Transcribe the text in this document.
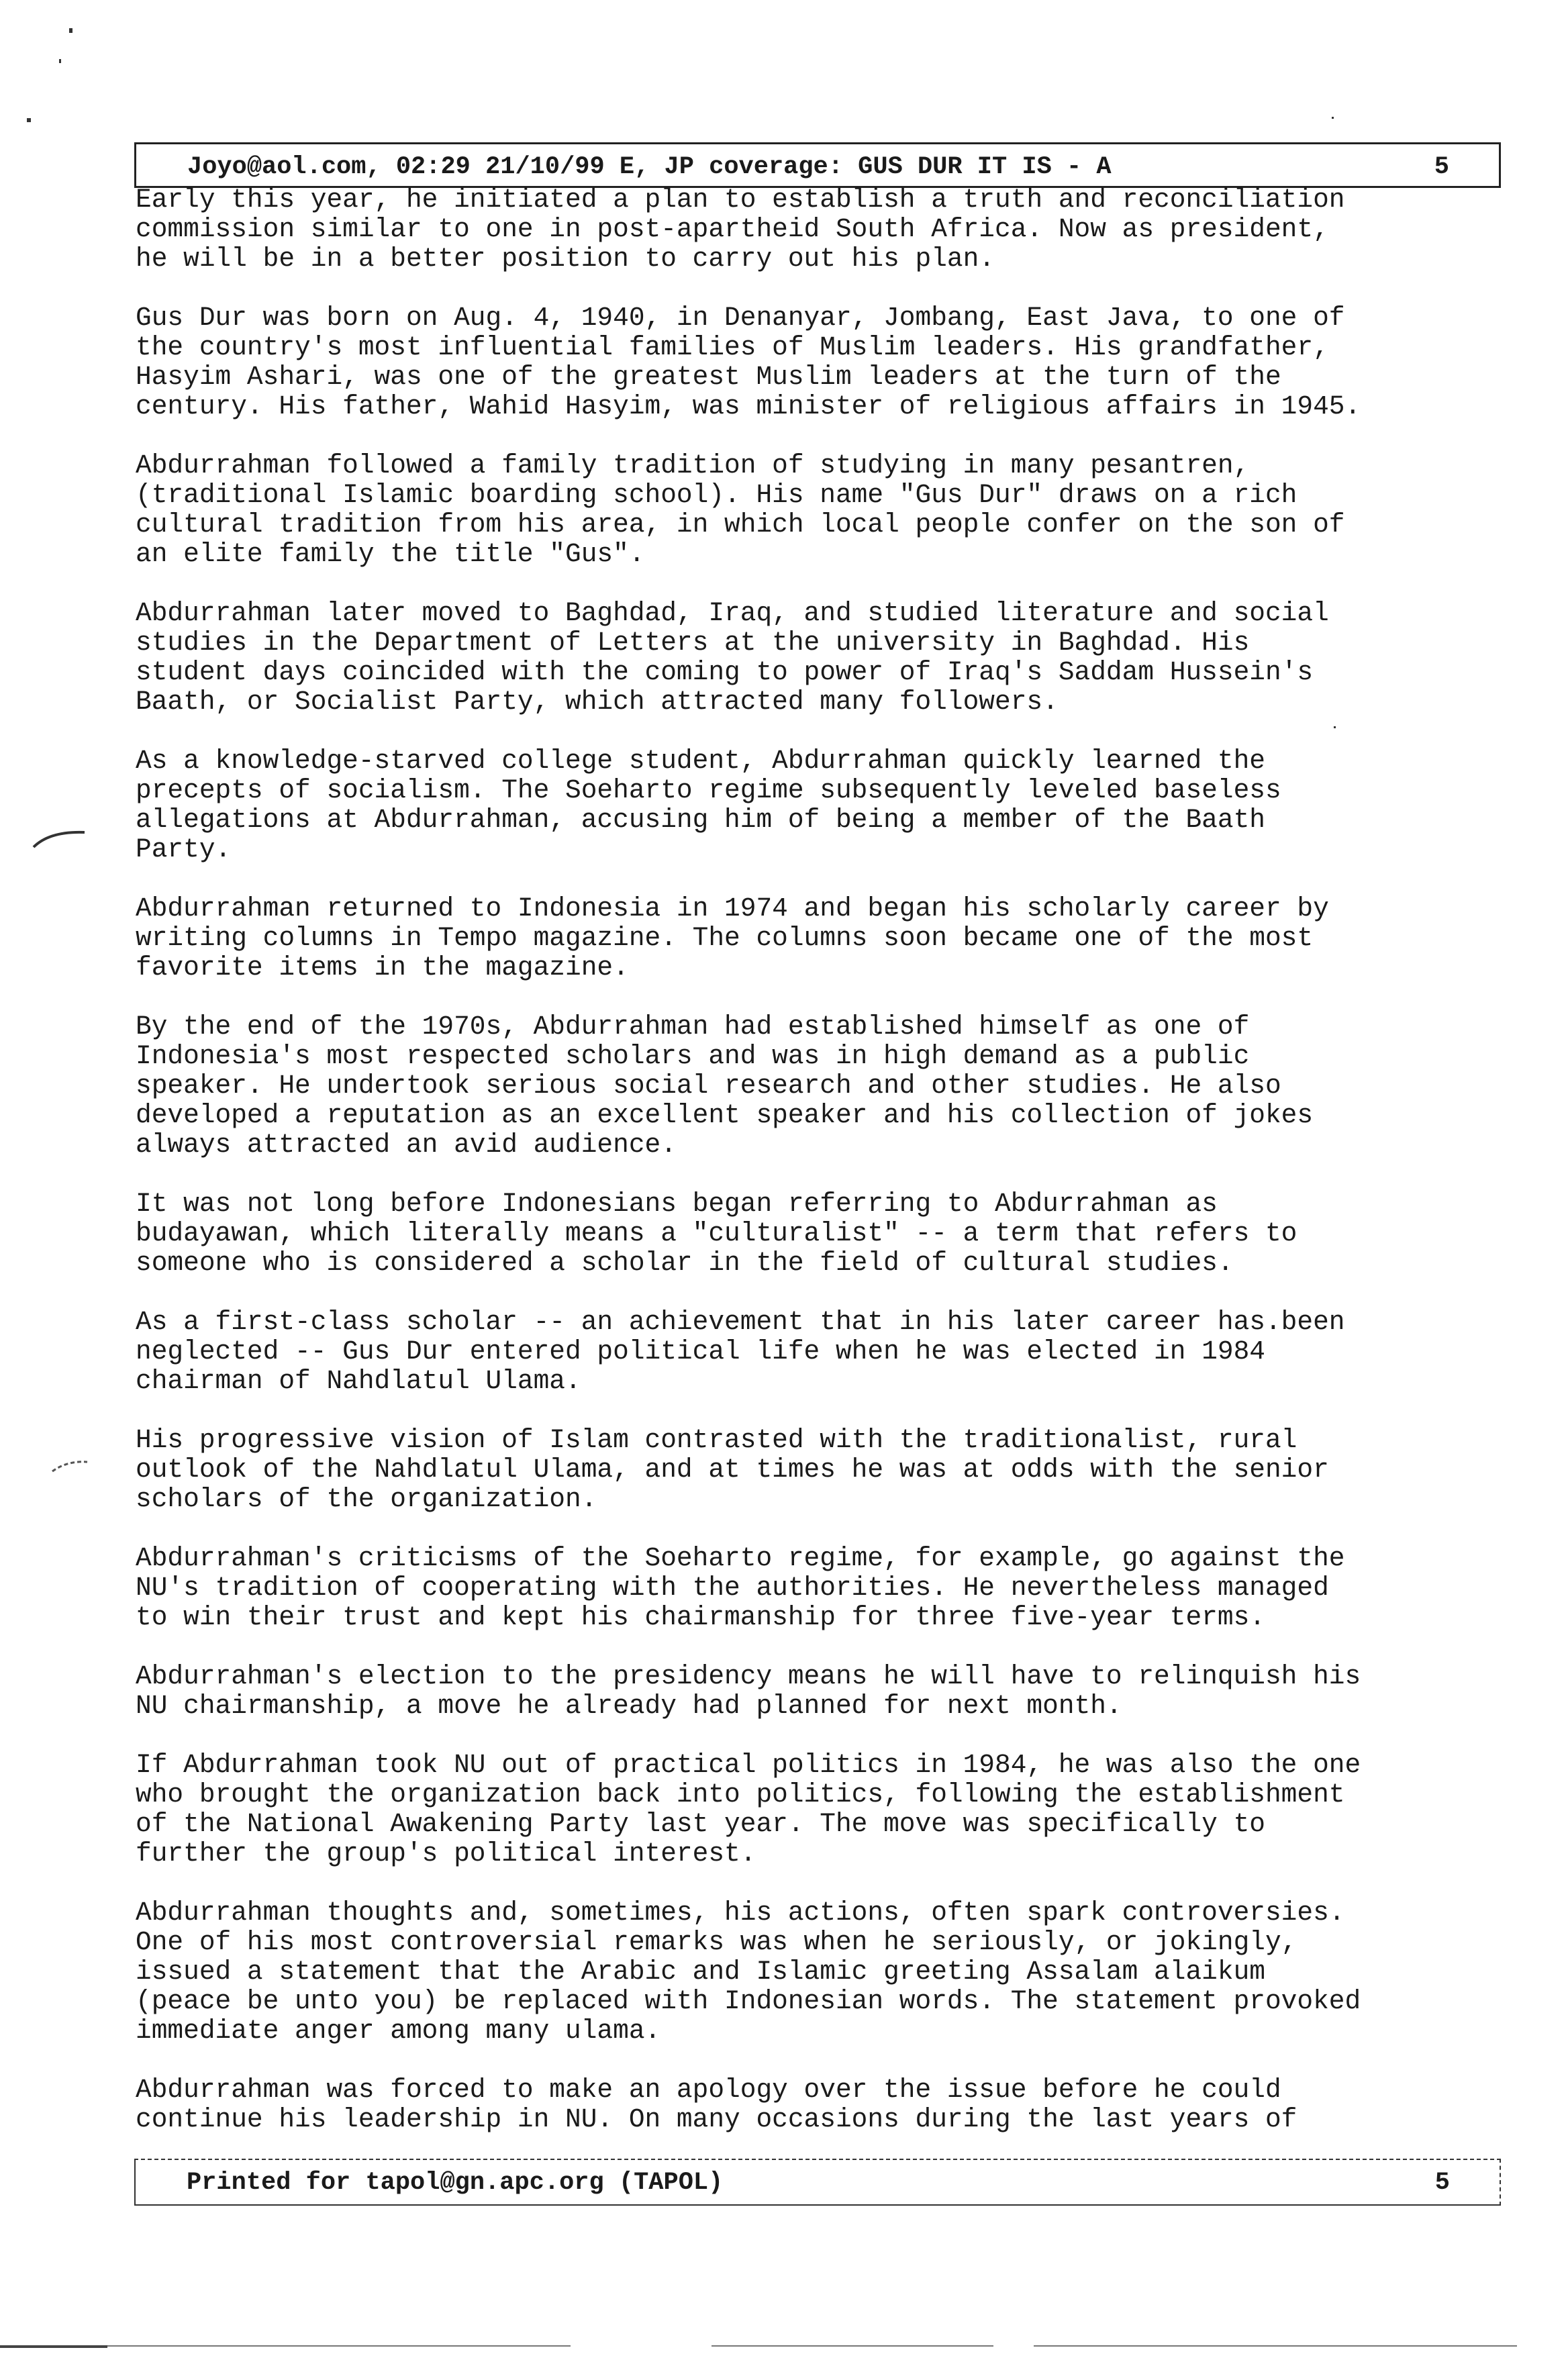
Joyo@aol.com, 02:29 21/10/99 E, JP coverage: GUS DUR IT IS - A	5

Early this year, he initiated a plan to establish a truth and reconciliation
commission similar to one in post-apartheid South Africa. Now as president,
he will be in a better position to carry out his plan.

Gus Dur was born on Aug. 4, 1940, in Denanyar, Jombang, East Java, to one of
the country's most influential families of Muslim leaders. His grandfather,
Hasyim Ashari, was one of the greatest Muslim leaders at the turn of the
century. His father, Wahid Hasyim, was minister of religious affairs in 1945.

Abdurrahman followed a family tradition of studying in many pesantren,
(traditional Islamic boarding school). His name "Gus Dur" draws on a rich
cultural tradition from his area, in which local people confer on the son of
an elite family the title "Gus".

Abdurrahman later moved to Baghdad, Iraq, and studied literature and social
studies in the Department of Letters at the university in Baghdad. His
student days coincided with the coming to power of Iraq's Saddam Hussein's
Baath, or Socialist Party, which attracted many followers.

As a knowledge-starved college student, Abdurrahman quickly learned the
precepts of socialism. The Soeharto regime subsequently leveled baseless
allegations at Abdurrahman, accusing him of being a member of the Baath
Party.

Abdurrahman returned to Indonesia in 1974 and began his scholarly career by
writing columns in Tempo magazine. The columns soon became one of the most
favorite items in the magazine.

By the end of the 1970s, Abdurrahman had established himself as one of
Indonesia's most respected scholars and was in high demand as a public
speaker. He undertook serious social research and other studies. He also
developed a reputation as an excellent speaker and his collection of jokes
always attracted an avid audience.

It was not long before Indonesians began referring to Abdurrahman as
budayawan, which literally means a "culturalist" -- a term that refers to
someone who is considered a scholar in the field of cultural studies.

As a first-class scholar -- an achievement that in his later career has.been
neglected -- Gus Dur entered political life when he was elected in 1984
chairman of Nahdlatul Ulama.

His progressive vision of Islam contrasted with the traditionalist, rural
outlook of the Nahdlatul Ulama, and at times he was at odds with the senior
scholars of the organization.

Abdurrahman's criticisms of the Soeharto regime, for example, go against the
NU's tradition of cooperating with the authorities. He nevertheless managed
to win their trust and kept his chairmanship for three five-year terms.

Abdurrahman's election to the presidency means he will have to relinquish his
NU chairmanship, a move he already had planned for next month.

If Abdurrahman took NU out of practical politics in 1984, he was also the one
who brought the organization back into politics, following the establishment
of the National Awakening Party last year. The move was specifically to
further the group's political interest.

Abdurrahman thoughts and, sometimes, his actions, often spark controversies.
One of his most controversial remarks was when he seriously, or jokingly,
issued a statement that the Arabic and Islamic greeting Assalam alaikum
(peace be unto you) be replaced with Indonesian words. The statement provoked
immediate anger among many ulama.

Abdurrahman was forced to make an apology over the issue before he could
continue his leadership in NU. On many occasions during the last years of

Printed for tapol@gn.apc.org (TAPOL)	5
